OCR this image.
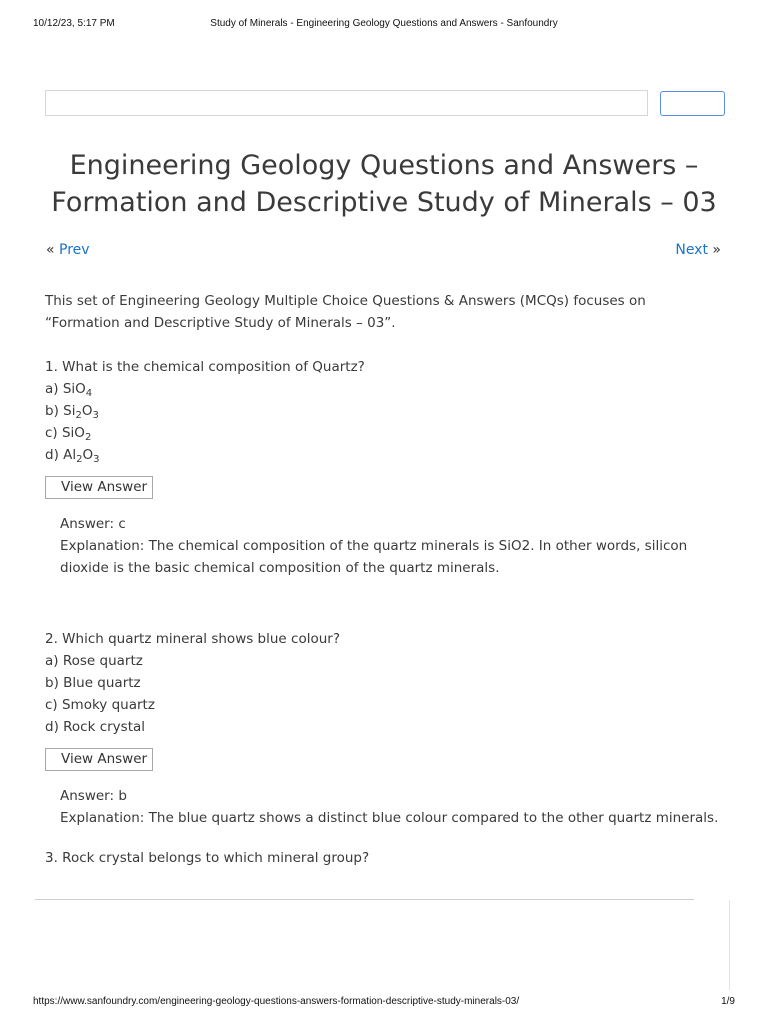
10/12/23, 5:17 PM	Study of Minerals - Engineering Geology Questions and Answers - Sanfoundry
Engineering Geology Questions and Answers – Formation and Descriptive Study of Minerals – 03
« Prev	Next »

This set of Engineering Geology Multiple Choice Questions & Answers (MCQs) focuses on “Formation and Descriptive Study of Minerals – 03”.

1. What is the chemical composition of Quartz?

a) SiO$_4$
b) $Si_2O_3$
c) SiO$_2$
d) $Al_2O_3$
View Answer

Answer: c

Explanation: The chemical composition of the quartz minerals is SiO2. In other words, silicon dioxide is the basic chemical composition of the quartz minerals.

2. Which quartz mineral shows blue colour?

a) Rose quartz
b) Blue quartz
c) Smoky quartz
d) Rock crystal
View Answer

Answer: b

Explanation: The blue quartz shows a distinct blue colour compared to the other quartz minerals.

3. Rock crystal belongs to which mineral group?

https://www.sanfoundry.com/engineering-geology-questions-answers-formation-descriptive-study-minerals-03/	1/9
